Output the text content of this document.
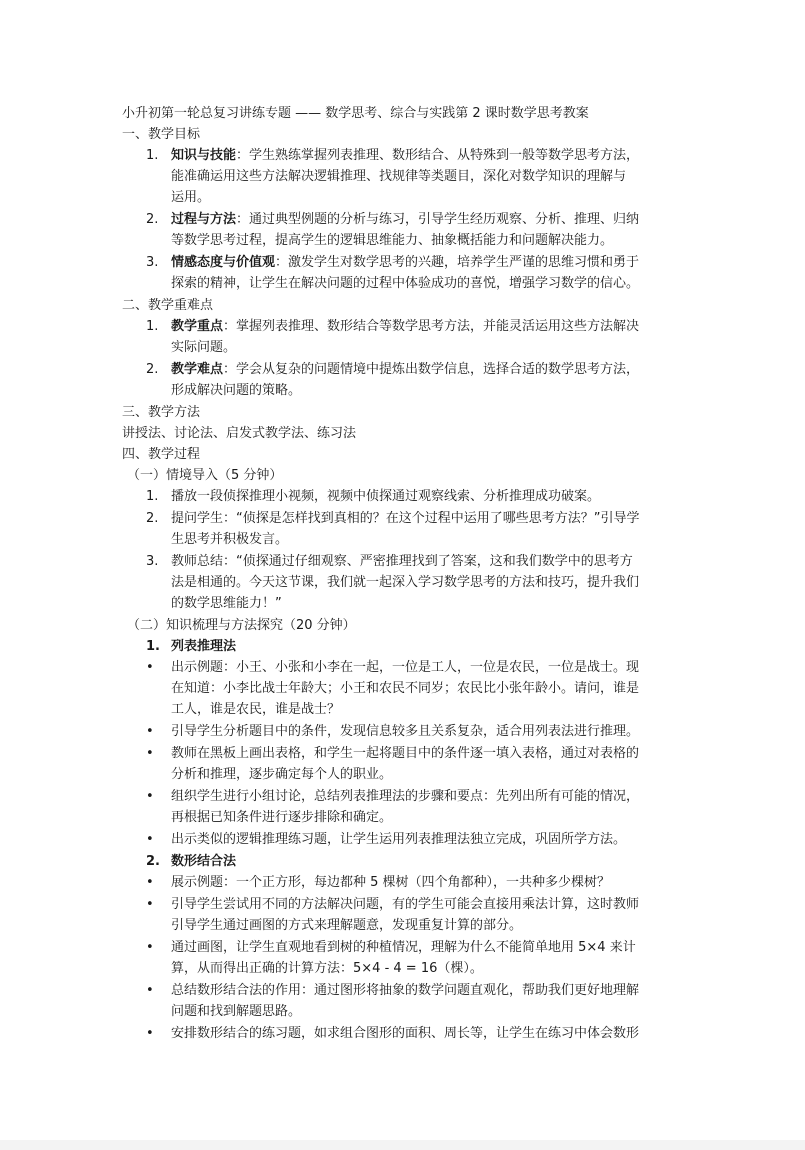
小升初第一轮总复习讲练专题 —— 数学思考、综合与实践第 2 课时数学思考教案
一、教学目标
1. 知识与技能：学生熟练掌握列表推理、数形结合、从特殊到一般等数学思考方法，
能准确运用这些方法解决逻辑推理、找规律等类题目，深化对数学知识的理解与
运用。
2. 过程与方法：通过典型例题的分析与练习，引导学生经历观察、分析、推理、归纳
等数学思考过程，提高学生的逻辑思维能力、抽象概括能力和问题解决能力。
3. 情感态度与价值观：激发学生对数学思考的兴趣，培养学生严谨的思维习惯和勇于
探索的精神，让学生在解决问题的过程中体验成功的喜悦，增强学习数学的信心。
二、教学重难点
1. 教学重点：掌握列表推理、数形结合等数学思考方法，并能灵活运用这些方法解决
实际问题。
2. 教学难点：学会从复杂的问题情境中提炼出数学信息，选择合适的数学思考方法，
形成解决问题的策略。
三、教学方法
讲授法、讨论法、启发式教学法、练习法
四、教学过程
（一）情境导入（5 分钟）
1. 播放一段侦探推理小视频，视频中侦探通过观察线索、分析推理成功破案。
2. 提问学生：“侦探是怎样找到真相的？在这个过程中运用了哪些思考方法？”引导学
生思考并积极发言。
3. 教师总结：“侦探通过仔细观察、严密推理找到了答案，这和我们数学中的思考方
法是相通的。今天这节课，我们就一起深入学习数学思考的方法和技巧，提升我们
的数学思维能力！”
（二）知识梳理与方法探究（20 分钟）
1. 列表推理法
• 出示例题：小王、小张和小李在一起，一位是工人，一位是农民，一位是战士。现
在知道：小李比战士年龄大；小王和农民不同岁；农民比小张年龄小。请问，谁是
工人，谁是农民，谁是战士？
• 引导学生分析题目中的条件，发现信息较多且关系复杂，适合用列表法进行推理。
• 教师在黑板上画出表格，和学生一起将题目中的条件逐一填入表格，通过对表格的
分析和推理，逐步确定每个人的职业。
• 组织学生进行小组讨论，总结列表推理法的步骤和要点：先列出所有可能的情况，
再根据已知条件进行逐步排除和确定。
• 出示类似的逻辑推理练习题，让学生运用列表推理法独立完成，巩固所学方法。
2. 数形结合法
• 展示例题：一个正方形，每边都种 5 棵树（四个角都种），一共种多少棵树？
• 引导学生尝试用不同的方法解决问题，有的学生可能会直接用乘法计算，这时教师
引导学生通过画图的方式来理解题意，发现重复计算的部分。
• 通过画图，让学生直观地看到树的种植情况，理解为什么不能简单地用 5×4 来计
算，从而得出正确的计算方法：5×4 - 4 = 16（棵）。
• 总结数形结合法的作用：通过图形将抽象的数学问题直观化，帮助我们更好地理解
问题和找到解题思路。
• 安排数形结合的练习题，如求组合图形的面积、周长等，让学生在练习中体会数形
